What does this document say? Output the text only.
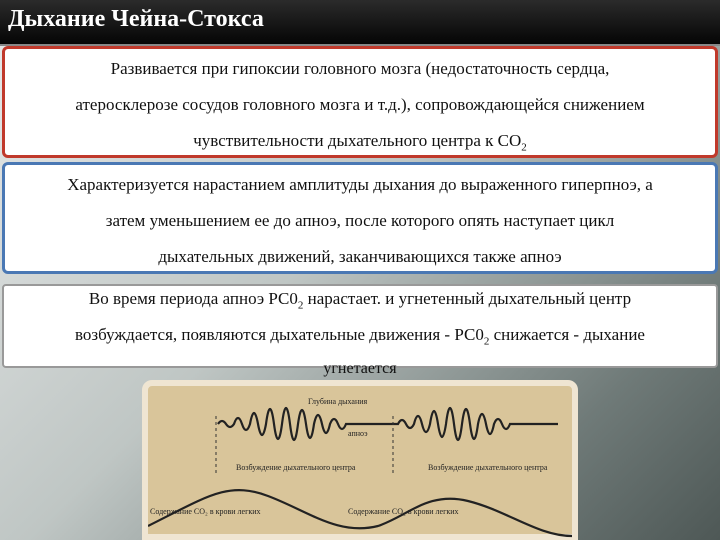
Дыхание Чейна-Стокса
Развивается при гипоксии головного мозга (недостаточность сердца,
атеросклерозе сосудов головного мозга и т.д.), сопровождающейся снижением
чувствительности дыхательного центра к $СО_2$
Характеризуется нарастанием амплитуды дыхания до выраженного гиперпноэ, а
затем уменьшением ее до апноэ, после которого опять наступает цикл
дыхательных движений, заканчивающихся также апноэ
Во время периода апноэ $РС0_2$ нарастает. и угнетенный дыхательный центр
возбуждается, появляются дыхательные движения - $РС0_2$ снижается - дыхание
угнетается
Глубина дыхания
апноэ
Возбуждение дыхательного центра	Возбуждение дыхательного центра
Содержание СО₂ в крови легких	Содержание СО₂ в крови легких
